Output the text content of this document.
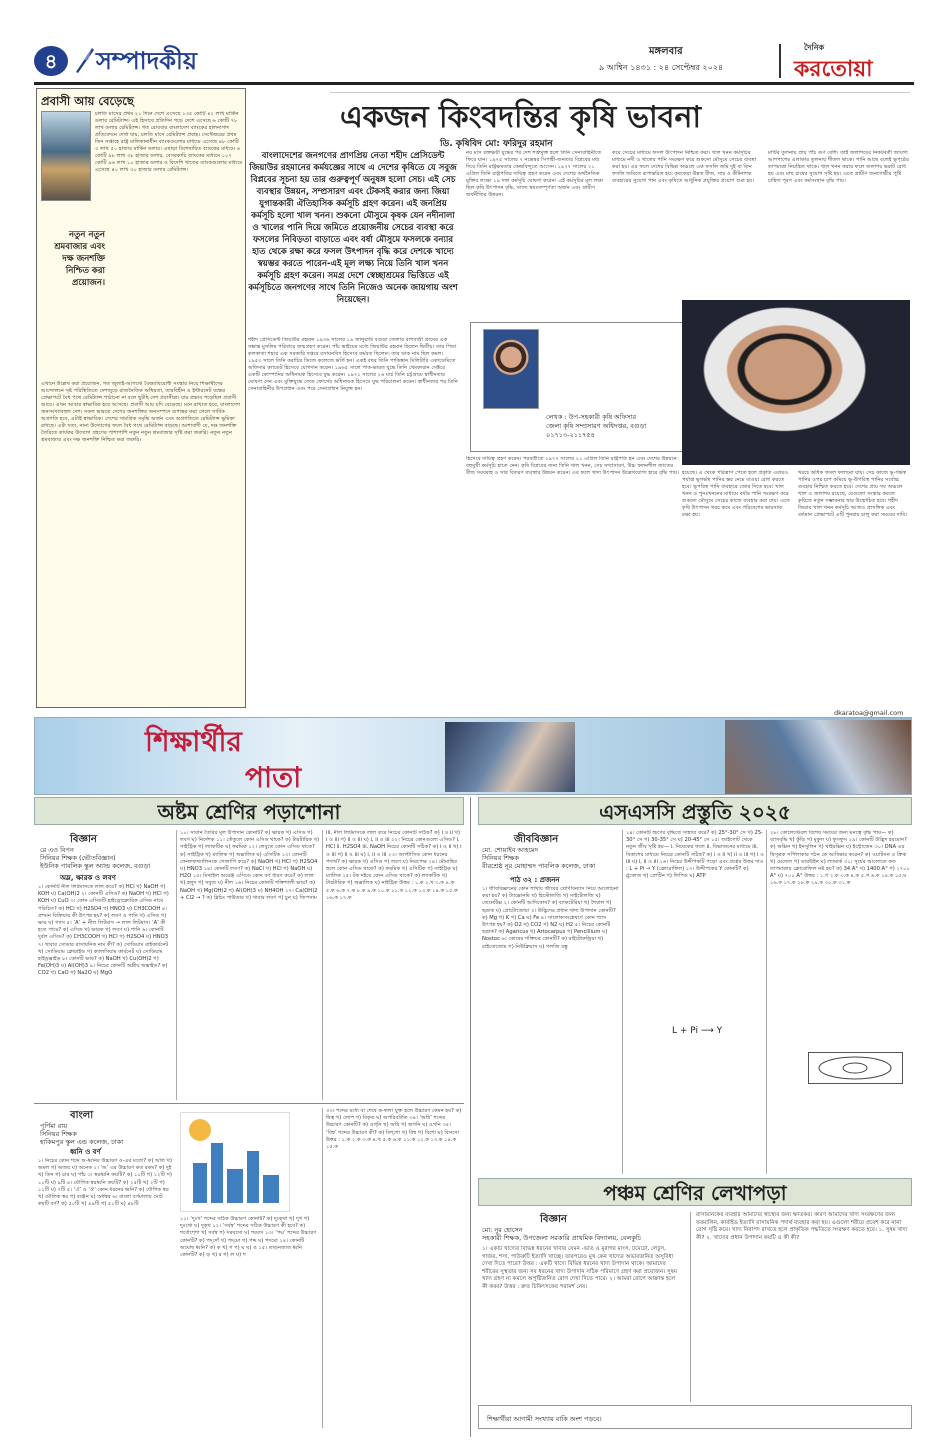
৪	সম্পাদকীয়	মঙ্গলবার
৯ আশ্বিন ১৪৩১ : ২৪ সেপ্টেম্বর ২০২৪
দৈনিক
করতোয়া
প্রবাসী আয় বেড়েছে
নতুন নতুন শ্রমবাজার এবং দক্ষ জনশক্তি নিশ্চিত করা প্রয়োজন।
চলতি মাসের প্রথম ২১ দিনে দেশে এসেছে ১৩৫ কোটি ৪২ লাখ মার্কিন ডলার রেমিট্যান্স। এই হিসাবে প্রতিদিন গড়ে দেশে এসেছে ৬ কোটি ৭৮ লাখ ডলার রেমিট্যান্স। গত রোববার বাংলাদেশ ব্যাংকের হালনাগাদ প্রতিবেদনে দেখা যায়, চলতি মাসে রেমিট্যান্স প্রবাহ। সেপ্টেম্বরের প্রথম তিন সপ্তাহে রাষ্ট্র মালিকানাধীন ব্যাংকগুলোর মাধ্যমে এসেছে ৪৮ কোটি ৩ লাখ ৫০ হাজার মার্কিন ডলার। এছাড়া বিশেষায়িত ব্যাংকের মাধ্যমে ৬ কোটি ৯৮ লাখ ৩৮ হাজার ডলার, বেসরকারি ব্যাংকের মাধ্যমে ১০৭ কোটি ৯৬ লাখ ১০ হাজার ডলার ও বিদেশি খাতের ব্যাংকগুলোর মাধ্যমে এসেছে ৪০ লাখ ৩০ হাজার ডলার রেমিট্যান্স।
এখানে উল্লেখ করা প্রয়োজন, গত জুলাই-আগস্টে বৈষম্যবিরোধী সংস্কার নিয়ে শিক্ষার্থীদের আন্দোলনে সৃষ্ট পরিস্থিতিতে দেশজুড়ে রাজনৈতিক অস্থিরতা, তারবিহীন ও ইন্টারনেট বন্ধের প্রেক্ষাপটে বৈধ পথে রেমিট্যান্স পাঠানো না বলে ছুটছি দেশ প্রবাসীরা। যার প্রভাব পড়েছিল প্রবাসী আয়ে। এখন আবার স্বাভাবিক হয়ে আসছে। প্রবাসী আয় যদি বেড়েছে। মনে রাখতে হবে, বাংলাদেশ জনসংখ্যাবহুল দেশ। সকল ভারতে দেশের জনশক্তির জনসম্পদে রূপান্তর করা গেলে সার্বিক অগ্রগতি হবে, এটাই স্বাভাবিক। দেশের সামগ্রিক সমৃদ্ধি অর্জন এবং অগ্রগতিতে রেমিট্যান্স ভূমিকা রাখছে। এটা সত্য, নানা উদ্যোগের ফলে বৈধ পথে রেমিট্যান্স বাড়ছে। আশাবাদী যে, দক্ষ জনশক্তি তৈরিতে কার্যকর উদ্যোগ গ্রহণের পাশাপাশি নতুন নতুন শ্রমবাজার সৃষ্টি করা জরুরি। নতুন নতুন শ্রমবাজার এবং দক্ষ জনশক্তি নিশ্চিত করা জরুরি।
একজন কিংবদন্তির কৃষি ভাবনা
ডি. কৃষিবিদ মো: ফরিদুর রহমান
বাংলাদেশের জনগণের প্রাণপ্রিয় নেতা শহীদ প্রেসিডেন্ট জিয়াউর রহমানের কর্মযজ্ঞের সাথে এ দেশের কৃষিতে যে সবুজ বিপ্লবের সূচনা হয় তার গুরুত্বপূর্ণ অনুষঙ্গ হলো সেচ। এই সেচ ব্যবস্থার উন্নয়ন, সম্প্রসারণ এবং টেকসই করার জন্য জিয়া যুগান্তকারী ঐতিহাসিক কর্মসূচি গ্রহণ করেন। এই জনপ্রিয় কর্মসূচি হলো খাল খনন। শুকনো মৌসুমে কৃষক যেন নদীনালা ও খালের পানি দিয়ে জমিতে প্রয়োজনীয় সেচের ব্যবস্থা করে ফসলের নিবিড়তা বাড়াতে এবং বর্ষা মৌসুমে ফসলকে বন্যার হাত থেকে রক্ষা করে ফসল উৎপাদন বৃদ্ধি করে দেশকে খাদ্যে স্বয়ম্ভর করতে পারেন-এই মূল লক্ষ্য নিয়ে তিনি খাল খনন কর্মসূচি গ্রহণ করেন। সমগ্র দেশে স্বেচ্ছাশ্রমের ভিত্তিতে এই কর্মসূচিতে জনগণের সাথে তিনি নিজেও অনেক জায়গায় অংশ নিয়েছেন।
শহীদ প্রেসিডেন্ট জিয়াউর রহমান ১৯৩৬ সালের ১৯ জানুয়ারি বগুড়া জেলার বাগবাড়ী গ্রামের এক সম্ভ্রান্ত মুসলিম পরিবারে জন্মগ্রহণ করেন। পাঁচ ভাইয়ের মধ্যে জিয়াউর রহমান ছিলেন দ্বিতীয়। তার পিতা কলকাতা শহরে এক সরকারি দপ্তরে রসায়নবিদ হিসেবে কর্মরত ছিলেন। তার ডাক নাম ছিল কমল। ১৯৫৩ সালে তিনি করাচির ডিজে কলেজে ভর্তি হন। একই বছর তিনি পাকিস্তান মিলিটারি একাডেমিতে অফিসার ক্যাডেট হিসেবে যোগদান করেন। ১৯৬৫ সালে পাক-ভারত যুদ্ধে তিনি খেমকারান সেক্টরে একটি কোম্পানির অধিনায়ক হিসেবে যুদ্ধ করেন। ১৯৭১ সালের ২৬ মার্চ তিনি চট্টগ্রামে স্বাধীনতার ঘোষণা দেন এবং মুক্তিযুদ্ধে জেড ফোর্সের অধিনায়ক হিসেবে যুদ্ধ পরিচালনা করেন। স্বাধীনতার পর তিনি সেনাবাহিনীর উপপ্রধান এবং পরে সেনাপ্রধান নিযুক্ত হন।
নয় মাস রক্তক্ষয়ী যুদ্ধের পর দেশ শত্রুমুক্ত হলে তিনি সেনাবাহিনীতে ফিরে যান। ১৯৭৫ সালের ৭ নভেম্বর সিপাহী-জনতার বিপ্লবের মধ্য দিয়ে তিনি রাষ্ট্রক্ষমতার কেন্দ্রবিন্দুতে আসেন। ১৯৭৭ সালের ২১ এপ্রিল তিনি রাষ্ট্রপতির দায়িত্ব গ্রহণ করেন এবং দেশের অর্থনৈতিক মুক্তির লক্ষ্যে ১৯ দফা কর্মসূচি ঘোষণা করেন। এই কর্মসূচির মূল লক্ষ্য ছিল কৃষি উৎপাদন বৃদ্ধি, খাদ্যে স্বয়ংসম্পূর্ণতা অর্জন এবং গ্রামীণ অর্থনীতির উন্নয়ন।
করে সেচের মাধ্যমে ফসল উৎপাদন নিশ্চিত করা। খাল খনন কর্মসূচির মাধ্যমে নদী ও খালের পানি সংরক্ষণ করে শুকনো মৌসুমে সেচের ব্যবস্থা করা হয়। এর ফলে দেশের বিভিন্ন অঞ্চলে এক ফসলি জমি দুই বা তিন ফসলি জমিতে রূপান্তরিত হয়। কৃষকেরা উন্নত বীজ, সার ও কীটনাশক ব্যবহারের সুযোগ পান এবং কৃষিতে আধুনিক প্রযুক্তির প্রয়োগ শুরু হয়।
মাটির তুলনায় প্রায় পাঁচ গুণ বেশি। তাই জলাশয়ের নিকটবর্তী জায়গা আশপাশের এলাকার তুলনায় শীতল থাকে। পানি আছে বলেই ভূপৃষ্ঠের তাপমাত্রা নিয়ন্ত্রিত থাকে। খাল খনন করার ফলে জলাশয় ভরাট রোধ হয় এবং মাছ চাষের সুযোগ সৃষ্টি হয়। এতে গ্রামীণ জনগোষ্ঠীর পুষ্টি চাহিদা পূরণ এবং কর্মসংস্থান বৃদ্ধি পায়।
লেখক : উপ-সহকারী কৃষি অফিসার
জেলা কৃষি সম্প্রসারণ অধিদপ্তর, বগুড়া
০১৭১৩-২১১৭৫৪
হিসেবে দায়িত্ব গ্রহণ করেন। পরবর্তীতে ১৯৭৭ সালের ২১ এপ্রিল তিনি রাষ্ট্রপতি হন এবং দেশের উন্নয়নে বহুমুখী কর্মসূচি হাতে নেন। কৃষি বিপ্লবের জন্য তিনি খাল খনন, সেচ সম্প্রসারণ, উচ্চ ফলনশীল জাতের বীজ সরবরাহ ও সার বিতরণ ব্যবস্থার উন্নয়ন করেন। এর ফলে খাদ্য উৎপাদন উল্লেখযোগ্য হারে বৃদ্ধি পায়। হয়েছে। এ থেকে পরিত্রাণ পেতে হলে প্রকৃতি এবারও পর্যাপ্ত ভূগর্ভস্থ পানির স্তর নেমে যাওয়া রোধ করতে হবে। ভূপরিস্থ পানি ব্যবহারে জোর দিতে হবে। খাল খনন ও পুনঃখননের মাধ্যমে বর্ষার পানি সংরক্ষণ করে শুকনো মৌসুমে সেচের কাজে ব্যবহার করা যায়। এতে কৃষি উৎপাদন খরচ কমে এবং পরিবেশের ভারসাম্য রক্ষা হয়।
খরচে অধিক ফসল ফলানো যায়। সেচ কাজে ভূ-গর্ভস্থ পানির ওপর চাপ কমিয়ে ভূ-উপরিস্থ পানির সর্বোচ্চ ব্যবহার নিশ্চিত করতে হবে। দেশের প্রায় সব অঞ্চলে খাল ও জলাশয় রয়েছে, যেগুলো সংস্কার করলে কৃষিতে নতুন সম্ভাবনার দ্বার উন্মোচিত হবে। শহীদ জিয়ার খাল খনন কর্মসূচি আজও প্রাসঙ্গিক এবং বর্তমান প্রেক্ষাপটে এটি পুনরায় চালু করা সময়ের দাবি।
dkaratoa@gmail.com
শিক্ষার্থীর
পাতা
অষ্টম শ্রেণির পড়াশোনা
বিজ্ঞান
রে এও বিপন
সিনিয়র শিক্ষক (ভৌতবিজ্ঞান)
ইউনিক পাবলিক স্কুল অ্যান্ড কলেজ, বগুড়া
অম্ল, ক্ষারক ও লবণ
১। কোনটি নীল লিটমাসকে লাল করে? ক) HCl খ) NaOH গ) KOH ঘ) Ca(OH)2 ২। কোনটি এসিড? ক) NaOH খ) HCl গ) KOH ঘ) CuO ৩। কোন এসিডটি হাইড্রোক্লোরিক এসিড নামে পরিচিত? ক) HCl খ) H2SO4 গ) HNO3 ঘ) CH3COOH ৪। প্রশমন বিক্রিয়ায় কী উৎপন্ন হয়? ক) লবণ ও পানি খ) এসিড গ) ক্ষার ঘ) গ্যাস ৫। ‘A’ + নীল লিটমাস → লাল লিটমাস। ‘A’ কী হতে পারে? ক) এসিড খ) ক্ষারক গ) লবণ ঘ) পানি ৬। কোনটি দুর্বল এসিড? ক) CH3COOH খ) HCl গ) H2SO4 ঘ) HNO3 ৭। খাবার সোডার রাসায়নিক নাম কী? ক) সোডিয়াম বাইকার্বনেট খ) সোডিয়াম ক্লোরাইড গ) ক্যালসিয়াম কার্বনেট ঘ) সোডিয়াম হাইড্রক্সাইড ৮। কোনটি ক্ষার? ক) NaOH খ) Cu(OH)2 গ) Fe(OH)3 ঘ) Al(OH)3 ৯। নিচের কোনটি অম্লীয় অক্সাইড? ক) CO2 খ) CaO গ) Na2O ঘ) MgO
১০। সাবান তৈরির মূল উপাদান কোনটি? ক) ক্ষারক খ) এসিড গ) লবণ ঘ) নির্দেশক ১১। তেঁতুলে কোন এসিড থাকে? ক) টারটারিক খ) সাইট্রিক গ) ল্যাকটিক ঘ) ফরমিক ১২। লেবুতে কোন এসিড থাকে? ক) সাইট্রিক খ) ম্যালিক গ) অক্সালিক ঘ) এসিটিক ১৩। কোনটি ফেনলফথ্যালিনকে গোলাপি করে? ক) NaOH খ) HCl গ) H2SO4 ঘ) HNO3 ১৪। কোনটি লবণ? ক) NaCl খ) HCl গ) NaOH ঘ) H2O ১৫। মিথাইল অরেঞ্জ এসিডে কোন বর্ণ ধারণ করে? ক) লাল খ) হলুদ গ) সবুজ ঘ) নীল ১৬। নিচের কোনটি শক্তিশালী ক্ষার? ক) NaOH খ) Mg(OH)2 গ) Al(OH)3 ঘ) NH4OH ১৭। Ca(OH)2 + Cl2 → ? ক) ব্লিচিং পাউডার খ) খাবার লবণ গ) চুন ঘ) জিপসাম
iii. নীল লিটমাসকে লাল করে নিচের কোনটি সঠিক? ক) i ও ii খ) i ও iii গ) ii ও iii ঘ) i, ii ও iii ২২। নিচের কোনগুলো এসিড? i. HCl ii. H2SO4 iii. NaOH নিচের কোনটি সঠিক? ক) i ও ii খ) i ও iii গ) ii ও iii ঘ) i, ii ও iii ২৩। অ্যান্টাসিড কোন ধরনের পদার্থ? ক) ক্ষারক খ) এসিড গ) লবণ ঘ) নিরপেক্ষ ২৪। মৌমাছির হুলে কোন এসিড থাকে? ক) ফরমিক খ) এসিটিক গ) সাইট্রিক ঘ) ম্যালিক ২৫। টক দইয়ে কোন এসিড থাকে? ক) ল্যাকটিক খ) টারটারিক গ) অক্সালিক ঘ) নাইট্রিক উত্তর : ১.ক ২.খ ৩.ক ৪.ক ৫.ক ৬.ক ৭.ক ৮.ক ৯.ক ১০.ক ১১.ক ১২.ক ১৩.ক ১৪.ক ১৫.ক ১৬.ক ১৭.ক
বাংলা
পূর্ণিমা রায়
সিনিয়র শিক্ষক
হাকিমপুর স্কুল এন্ড কলেজ, ঢাকা
ধ্বনি ও বর্ণ
১। নিচের কোন শব্দে অ-ধ্বনির উচ্চারণ ও-এর মতো? ক) অতি খ) অমল গ) অজয় ঘ) অনেক ২। ‘অ’ এর উচ্চারণ কত রকম? ক) দুই খ) তিন গ) চার ঘ) পাঁচ ৩। স্বরধ্বনি কয়টি? ক) ১১টি খ) ১২টি গ) ১০টি ঘ) ৯টি ৪। যৌগিক স্বরধ্বনি কয়টি? ক) ২৫টি খ) ২টি গ) ১১টি ঘ) ৭টি ৫। ‘ঐ’ ও ‘ঔ’ কোন ধরনের ধ্বনি? ক) যৌগিক স্বর খ) মৌলিক স্বর গ) ব্যঞ্জন ঘ) অর্ধস্বর ৬। বাংলা বর্ণমালায় মোট কয়টি বর্ণ? ক) ৫০টি খ) ৪৯টি গ) ৫১টি ঘ) ৪৮টি
১১। ‘দুঃখ’ শব্দের সঠিক উচ্চারণ কোনটি? ক) দুক্খো খ) দুখ গ) দুঃখো ঘ) দুক্‌খ ১২। ‘সর্বস্ব’ শব্দের সঠিক উচ্চারণ কী হবে? ক) শর্বোশ্শো খ) সর্বস্ব গ) সরবসো ঘ) শরবস ১৩। ‘পদ্ম’ শব্দের উচ্চারণ কোনটি? ক) পদ্‌দোঁ খ) পদ্‌মো গ) পদ্দ ঘ) পদমো ১৪। কোনটি অঘোষ ধ্বনি? ক) ক খ) গ গ) ঘ ঘ) ঙ ১৫। তাড়নজাত ধ্বনি কোনটি? ক) ড় খ) র গ) ল ঘ) শ
৩৩। শব্দের মধ্যে বা শেষে ক-ফলা যুক্ত হলে উচ্চারণ কেমন হয়? ক) দ্বিত্ব খ) লোপ গ) বিকৃত ঘ) অপরিবর্তিত ৩৪। ‘অগ্নি’ শব্দের উচ্চারণ কোনটি? ক) ওগ্‌নি খ) অগ্নি গ) অগনি ঘ) ওগনি ৩৫। ‘বিশ্ব’ শব্দের উচ্চারণ কী? ক) বিশ্‌শো খ) বিশ্ব গ) বিশো ঘ) বিসসো উত্তর : ১.ক ২.ক ৩.ক ৪.খ ৫.ক ৬.ক ১১.ক ১২.ক ১৩.ক ১৪.ক ১৫.ক
এসএসসি প্রস্তুতি ২০২৫
জীববিজ্ঞান
মো. শোয়াইব আহমেদ
সিনিয়র শিক্ষক
বীরশ্রেষ্ঠ নূর মোহাম্মদ পাবলিক কলেজ, ঢাকা
পাঠ ৩২ : প্রজনন
১। জীববিজ্ঞানের কোন শাখায় জীবের শ্রেণিবিন্যাস নিয়ে আলোচনা করা হয়? ক) ট্যাক্সোনমি খ) হিস্টোলজি গ) সাইটোলজি ঘ) জেনেটিক্স ২। কোনটি আদিকোষ? ক) ব্যাকটেরিয়া খ) শৈবাল গ) ছত্রাক ঘ) প্রোটোজোয়া ৩। উদ্ভিদের প্রধান খাদ্য উপাদান কোনটি? ক) Mg খ) K গ) Ca ঘ) Fe ৪। সালোকসংশ্লেষণে কোন গ্যাস উৎপন্ন হয়? ক) O2 খ) CO2 গ) N2 ঘ) H2 ৫। নিচের কোনটি ছত্রাক? ক) Agaricus খ) Artocarpus গ) Pencillium ঘ) Nostoc ৬। কোষের শক্তিঘর কোনটি? ক) মাইটোকন্ড্রিয়া খ) রাইবোজোম গ) নিউক্লিয়াস ঘ) গলজি বস্তু
১৪। কোনটি ভ্রূণের বৃদ্ধিতে সাহায্য করে? ক) 25°-30° সে খ) 25-30° সে গ) 30-35° সে ঘ) 20-45° সে ১৫। জাইগোট থেকে নতুন জীব সৃষ্টি হয়— i. নিষেকের ফলে ii. বিভাজনের মাধ্যমে iii. বিকাশের মাধ্যমে নিচের কোনটি সঠিক? ক) i ও ii খ) ii ও iii গ) i ও iii ঘ) i, ii ও iii ১৬। নিচের উদ্দীপকটি পড়ো এবং প্রশ্নের উত্তর দাও : L + Pi → Y (ক্লোরোফিল) ১৭। উদ্দীপকের Y কোনটি? ক) গ্লুকোজ খ) প্রোটিন গ) লিপিড ঘ) ATP
L + Pi ⟶ Y
২৮। কোলেস্টেরল বিশেষ সময়ের জন্য ঘনত্বে বৃদ্ধি পায়— ক) ব্যাসবৃদ্ধি খ) কুঁড়ি গ) মূকুল ঘ) ফুসফুস ২৯। কোনটি উদ্ভিদ হরমোন? ক) অক্সিন খ) ইনসুলিন গ) থাইরক্সিন ঘ) ইস্ট্রোজেন ৩০। DNA এর দ্বিসূত্রক সর্পিলাকার গঠন কে আবিষ্কার করেন? ক) ওয়াটসন ও ক্রিক খ) মেন্ডেল গ) ডারউইন ঘ) ল্যামার্ক ৩১। সূর্যের আলোতে কত তাপমাত্রায় ক্লোরোফিল নষ্ট হয়? ক) 34 A° খ) 1400 A° গ) ১৭০০ A° ঘ) ৭০০ A° উত্তর : ১.গ ২.ক ৩.ক ৪.ক ৫.গ ৬.ক ১৪.ক ১৫.ঘ ১৬.ক ১৭.ক ২৮.ক ২৯.ক ৩০.ক ৩১.ক
পঞ্চম শ্রেণির লেখাপড়া
বিজ্ঞান
মো: নুর হোসেন
সহকারী শিক্ষক, উপজেলা সরকারি প্রাথমিক বিদ্যালয়, বেলকুচি
১। একটি খাদ্যের বিভিন্ন ধরনের খাবার যেমন -ভাত ও মুরগির মাংস, টমেটো, লেটুস, গাজর, শসা, পাউরুটি ইত্যাদি খাচ্ছে। তারপরেও মুখ কেন খাদ্যের অভাবজনিত অসুবিধা দেখা দিতে পারে? উত্তর : একটি খাদ্যে বিভিন্ন ধরনের খাদ্য উপাদান থাকে। আমাদের শরীরের সুস্থতার জন্য সব ধরনের খাদ্য উপাদান সঠিক পরিমাণে গ্রহণ করা প্রয়োজন। সুষম খাদ্য গ্রহণ না করলে অপুষ্টিজনিত রোগ দেখা দিতে পারে। ২। আমরা রোগে আক্রান্ত হলে কী করব? উত্তর : দ্রুত চিকিৎসকের পরামর্শ নেব।
রাসায়নিকের ব্যবহার আমাদের স্বাস্থ্যের জন্য ক্ষতিকর। কারণ আমাদের খাদ্য সংরক্ষণের জন্য ফরমালিন, কার্বাইড ইত্যাদি রাসায়নিক পদার্থ ব্যবহার করা হয়। এগুলো শরীরে প্রবেশ করে নানা রোগ সৃষ্টি করে। খাদ্য নিরাপদ রাখতে হলে প্রাকৃতিক পদ্ধতিতে সংরক্ষণ করতে হবে। ১. সুষম খাদ্য কী? ২. খাদ্যের প্রধান উপাদান কয়টি ও কী কী?
শিক্ষার্থীরা আগামী সংখ্যায় বাকি অংশ পড়বে।
